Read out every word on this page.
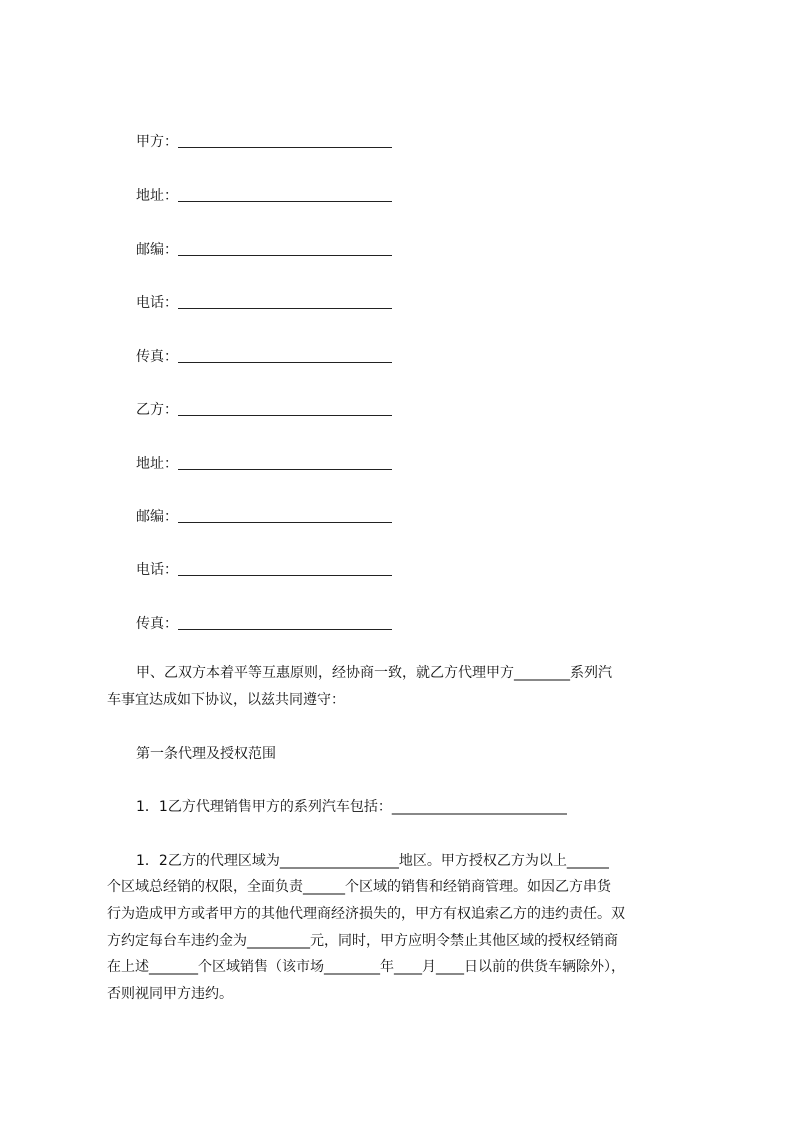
甲方：
地址：
邮编：
电话：
传真：
乙方：
地址：
邮编：
电话：
传真：
甲、乙双方本着平等互惠原则，经协商一致，就乙方代理甲方________系列汽
车事宜达成如下协议，以兹共同遵守：
第一条代理及授权范围
1．1乙方代理销售甲方的系列汽车包括：_________________________
1．2乙方的代理区域为_________________地区。甲方授权乙方为以上______
个区域总经销的权限，全面负责______个区域的销售和经销商管理。如因乙方串货
行为造成甲方或者甲方的其他代理商经济损失的，甲方有权追索乙方的违约责任。双
方约定每台车违约金为_________元，同时，甲方应明令禁止其他区域的授权经销商
在上述_______个区域销售（该市场________年____月____日以前的供货车辆除外），
否则视同甲方违约。
